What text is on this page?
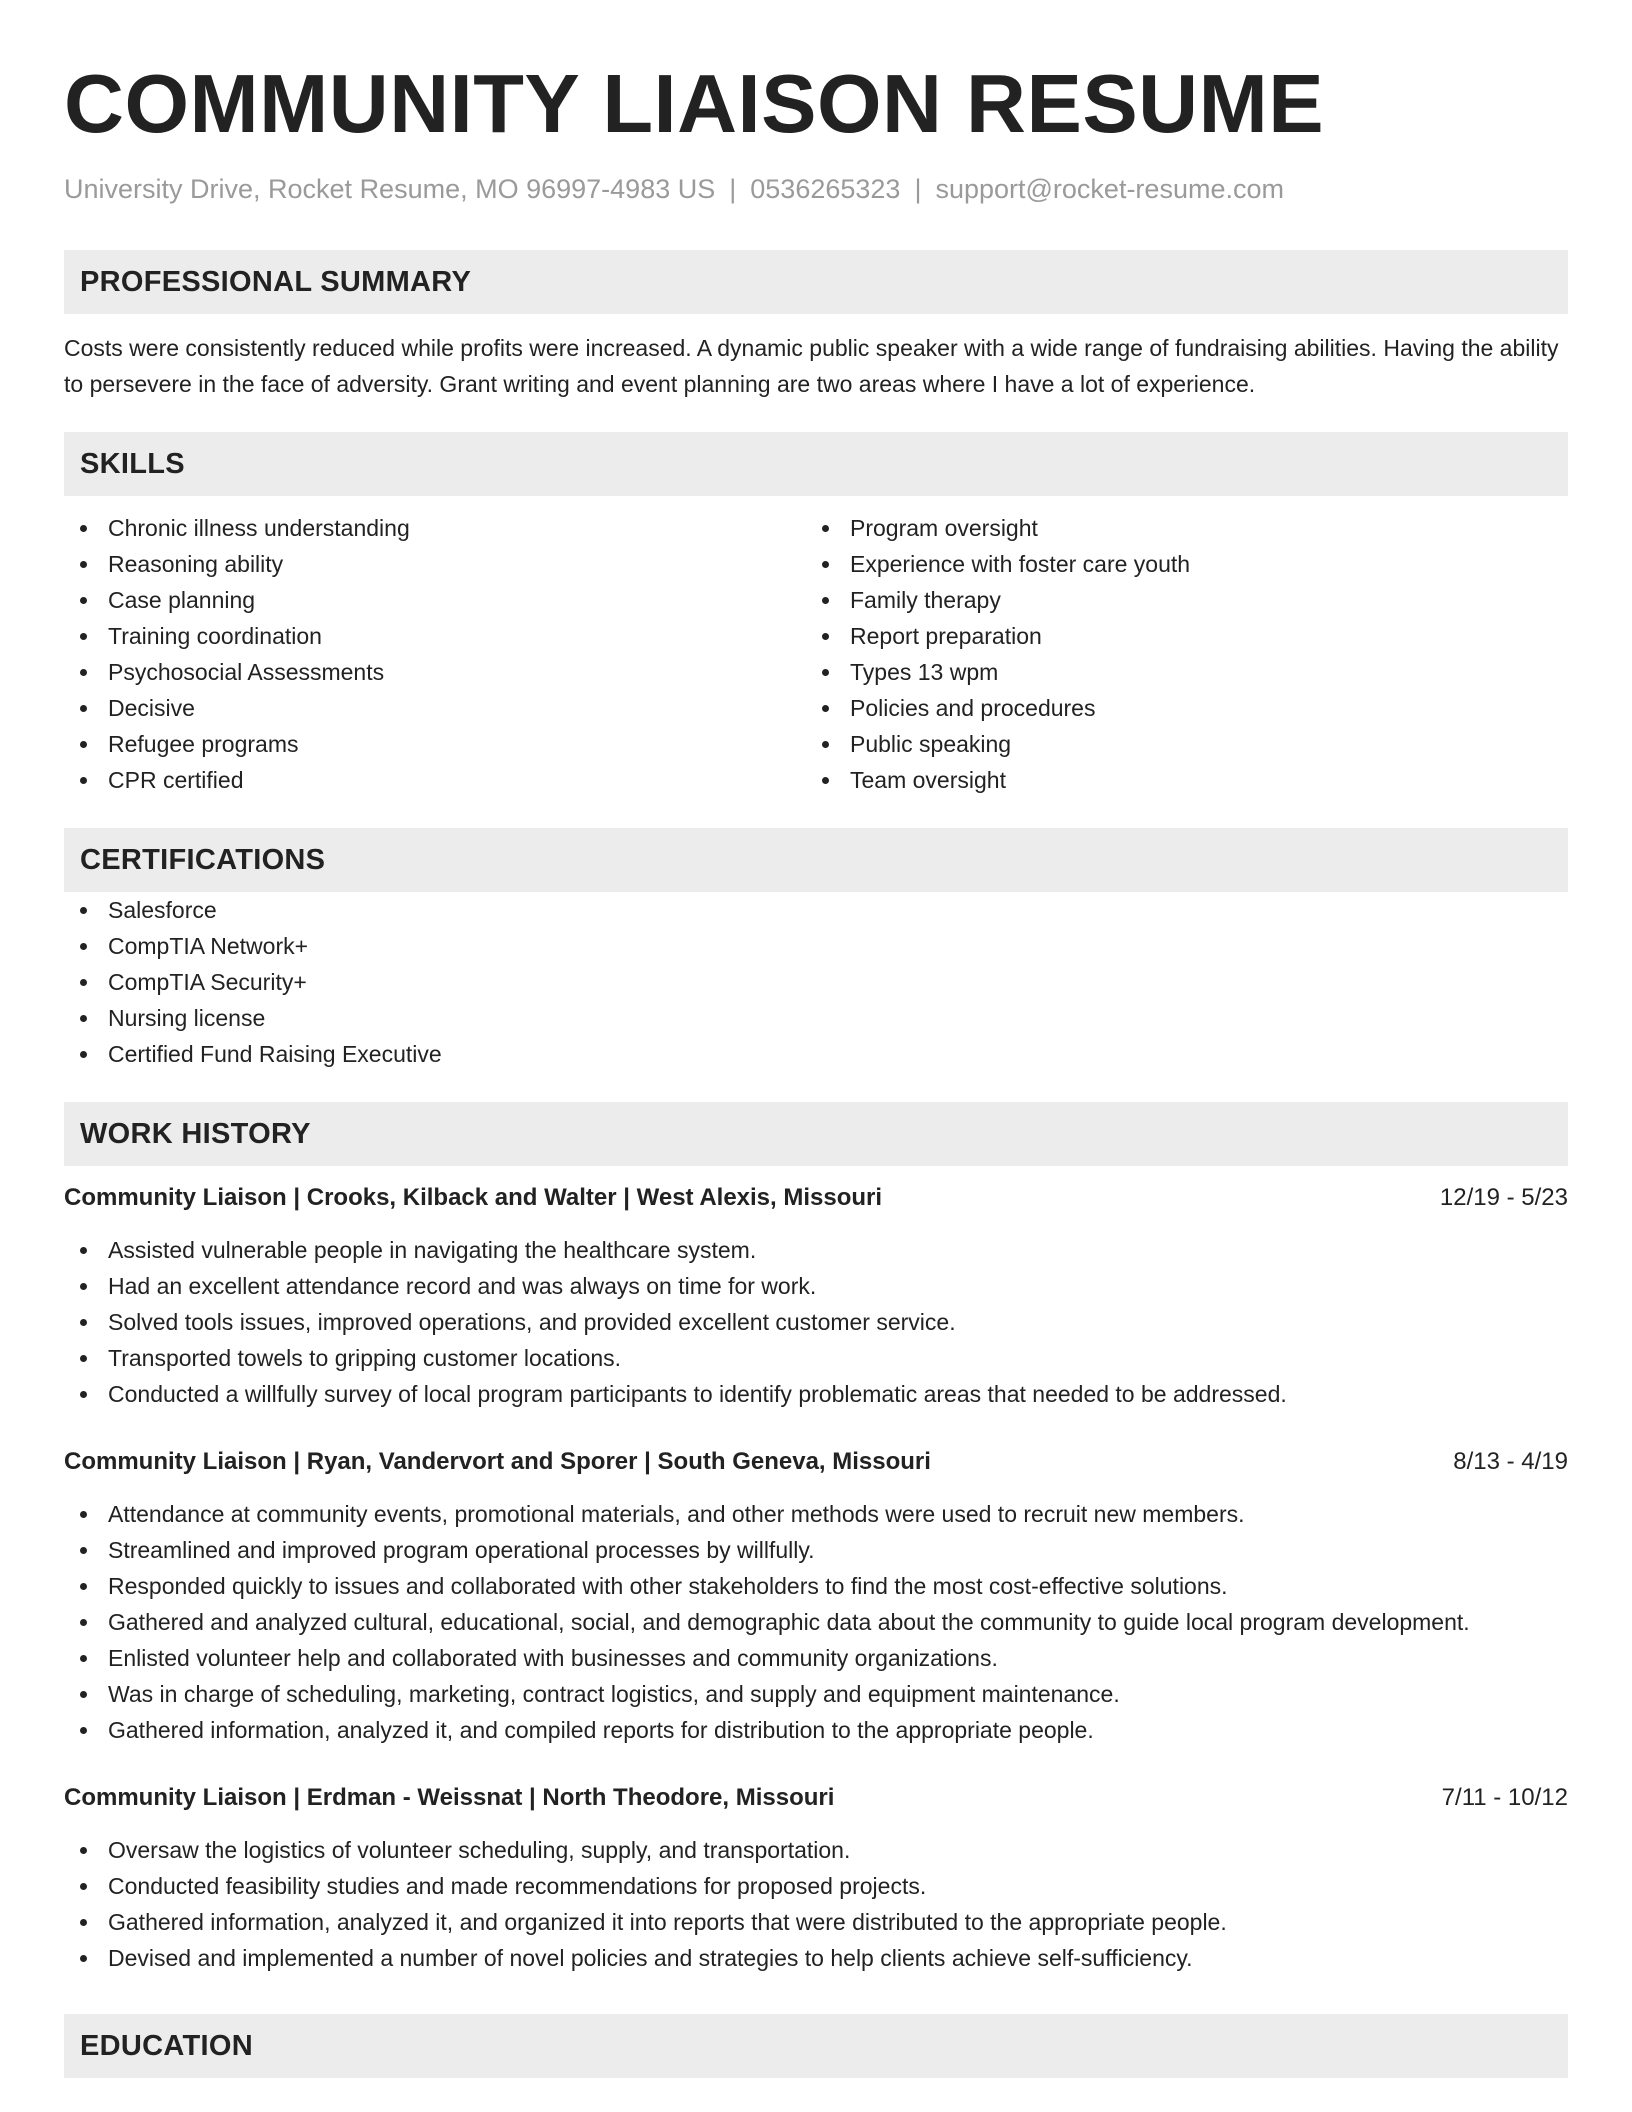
COMMUNITY LIAISON RESUME
University Drive, Rocket Resume, MO 96997-4983 US | 0536265323 | support@rocket-resume.com
PROFESSIONAL SUMMARY
Costs were consistently reduced while profits were increased. A dynamic public speaker with a wide range of fundraising abilities. Having the ability to persevere in the face of adversity. Grant writing and event planning are two areas where I have a lot of experience.
SKILLS
Chronic illness understanding
Reasoning ability
Case planning
Training coordination
Psychosocial Assessments
Decisive
Refugee programs
CPR certified
Program oversight
Experience with foster care youth
Family therapy
Report preparation
Types 13 wpm
Policies and procedures
Public speaking
Team oversight
CERTIFICATIONS
Salesforce
CompTIA Network+
CompTIA Security+
Nursing license
Certified Fund Raising Executive
WORK HISTORY
Community Liaison | Crooks, Kilback and Walter | West Alexis, Missouri	12/19 - 5/23
Assisted vulnerable people in navigating the healthcare system.
Had an excellent attendance record and was always on time for work.
Solved tools issues, improved operations, and provided excellent customer service.
Transported towels to gripping customer locations.
Conducted a willfully survey of local program participants to identify problematic areas that needed to be addressed.
Community Liaison | Ryan, Vandervort and Sporer | South Geneva, Missouri	8/13 - 4/19
Attendance at community events, promotional materials, and other methods were used to recruit new members.
Streamlined and improved program operational processes by willfully.
Responded quickly to issues and collaborated with other stakeholders to find the most cost-effective solutions.
Gathered and analyzed cultural, educational, social, and demographic data about the community to guide local program development.
Enlisted volunteer help and collaborated with businesses and community organizations.
Was in charge of scheduling, marketing, contract logistics, and supply and equipment maintenance.
Gathered information, analyzed it, and compiled reports for distribution to the appropriate people.
Community Liaison | Erdman - Weissnat | North Theodore, Missouri	7/11 - 10/12
Oversaw the logistics of volunteer scheduling, supply, and transportation.
Conducted feasibility studies and made recommendations for proposed projects.
Gathered information, analyzed it, and organized it into reports that were distributed to the appropriate people.
Devised and implemented a number of novel policies and strategies to help clients achieve self-sufficiency.
EDUCATION
